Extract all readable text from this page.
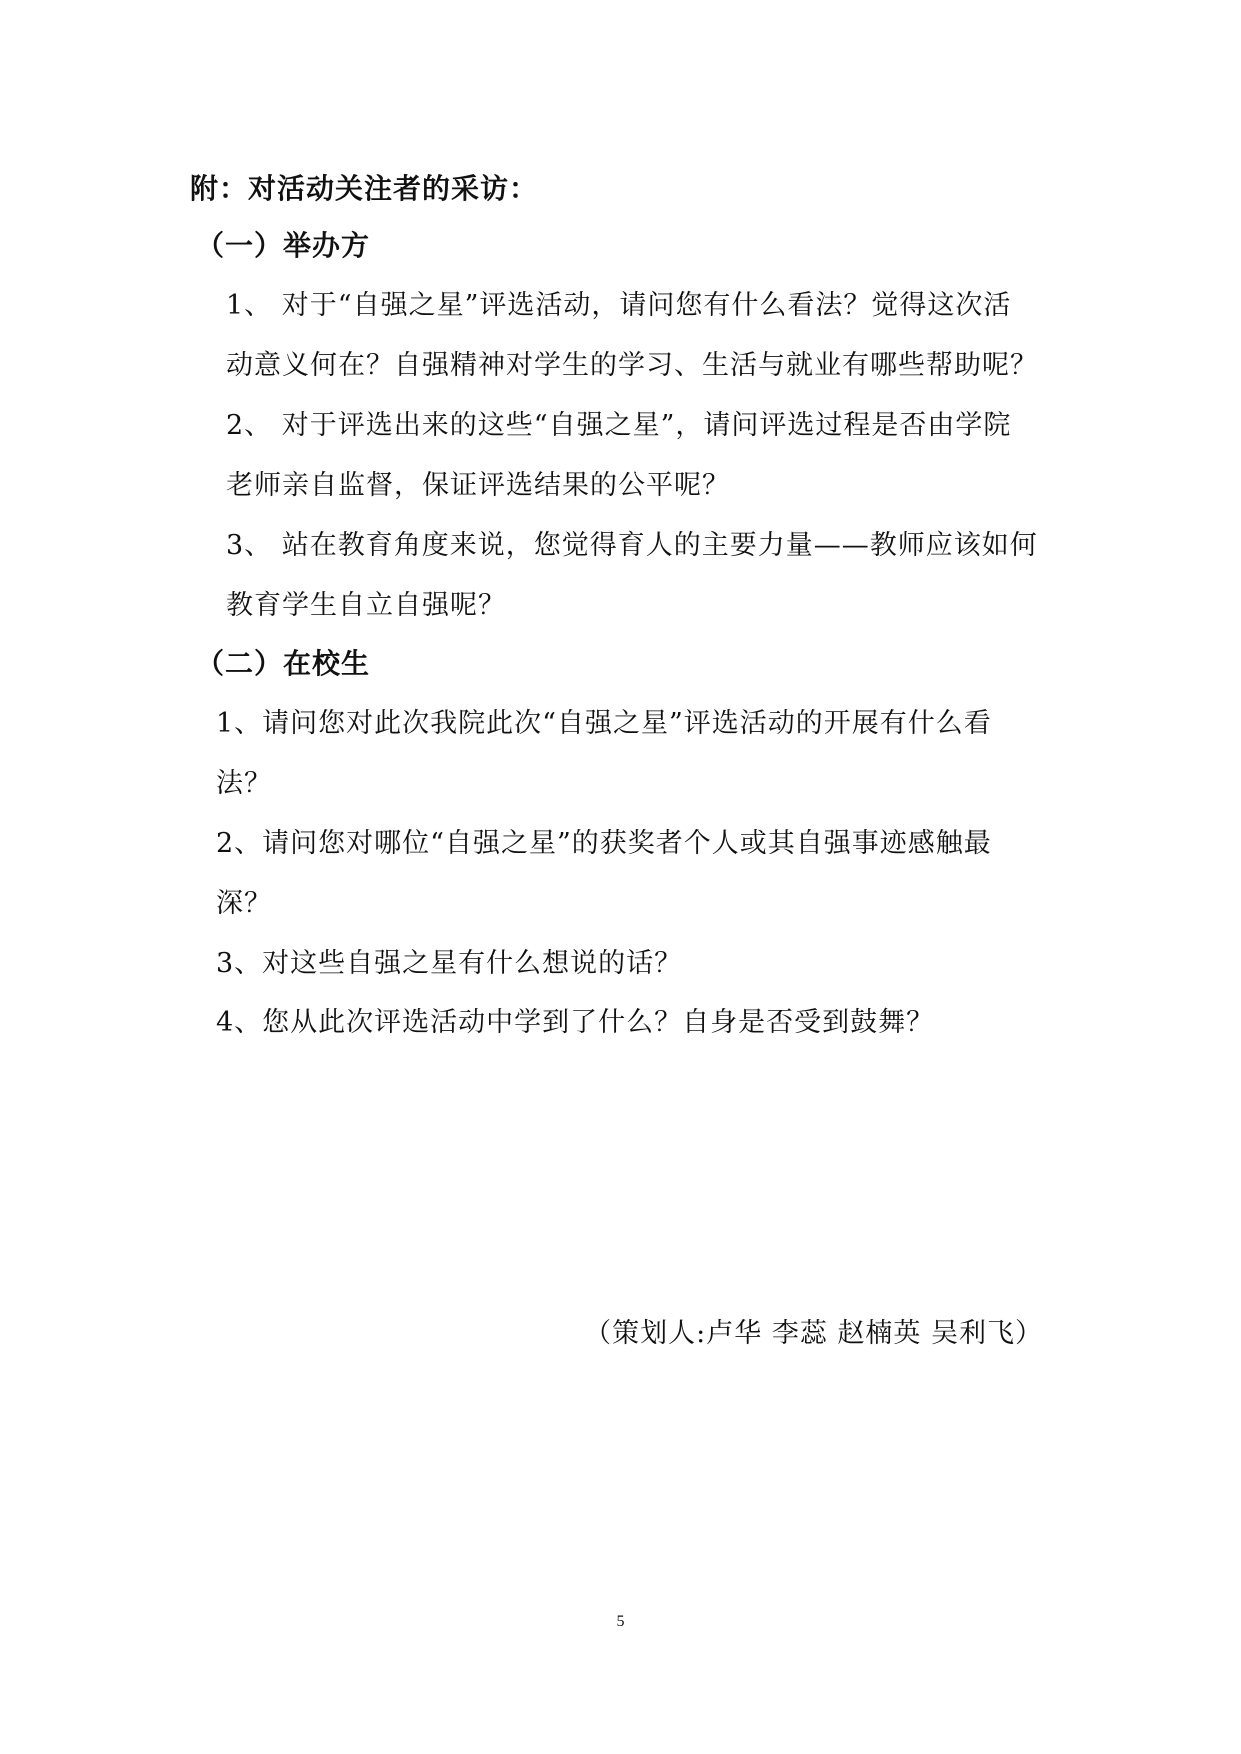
附：对活动关注者的采访：
（一）举办方
1、 对于“自强之星”评选活动，请问您有什么看法？觉得这次活
动意义何在？自强精神对学生的学习、生活与就业有哪些帮助呢？
2、 对于评选出来的这些“自强之星”，请问评选过程是否由学院
老师亲自监督，保证评选结果的公平呢？
3、 站在教育角度来说，您觉得育人的主要力量——教师应该如何
教育学生自立自强呢？
（二）在校生
1、请问您对此次我院此次“自强之星”评选活动的开展有什么看
法？
2、请问您对哪位“自强之星”的获奖者个人或其自强事迹感触最
深？
3、对这些自强之星有什么想说的话？
4、您从此次评选活动中学到了什么？自身是否受到鼓舞？
（策划人:卢华 李蕊 赵楠英 吴利飞）
5
